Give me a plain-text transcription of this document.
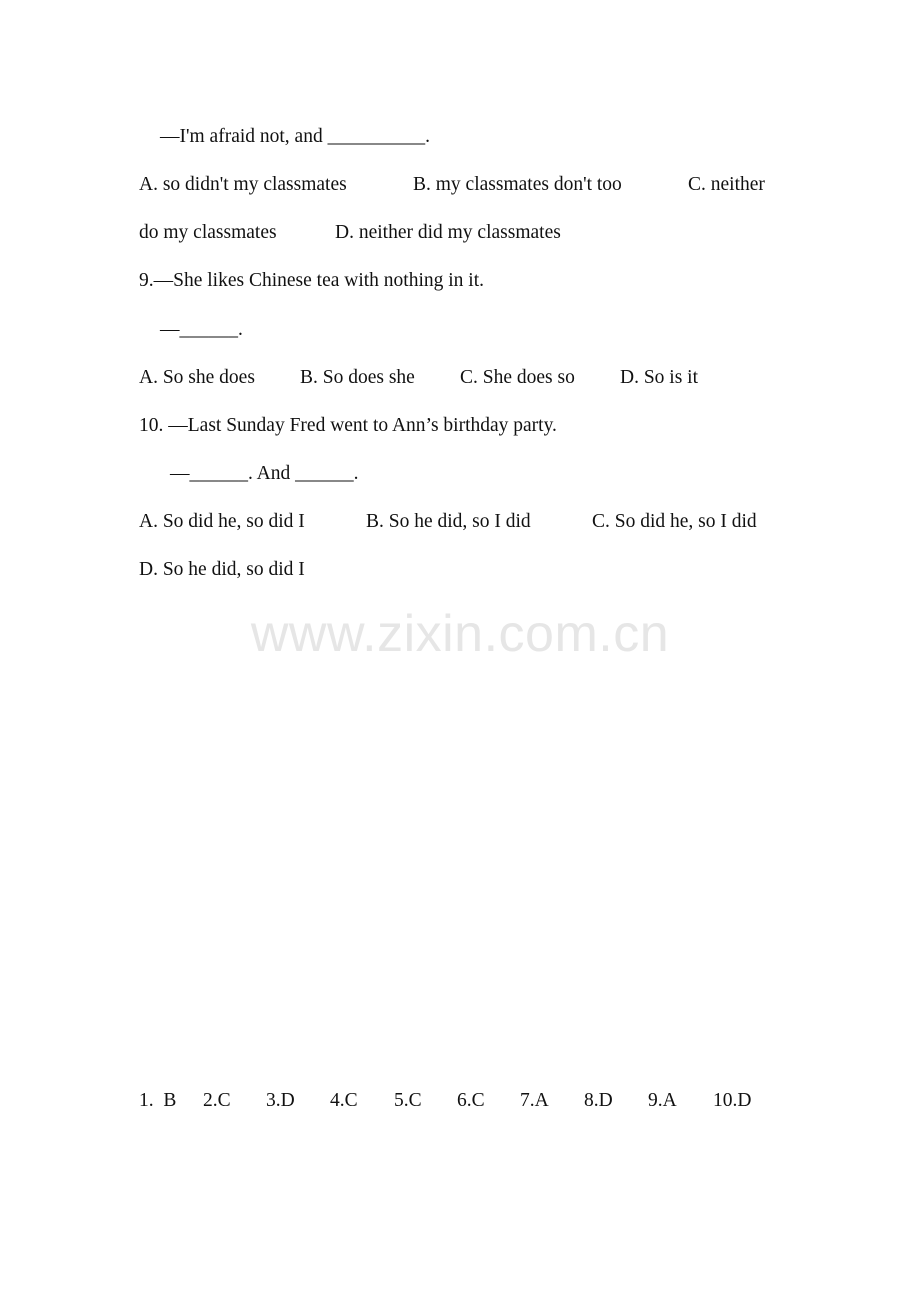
—I'm afraid not, and __________.
A. so didn't my classmates	B. my classmates don't too	C. neither
do my classmates	D. neither did my classmates
9.—She likes Chinese tea with nothing in it.
—______.
A. So she does B. So does she C. She does so D. So is it
10. —Last Sunday Fred went to Ann’s birthday party.
—______. And ______.
A. So did he, so did I	B. So he did, so I did	C. So did he, so I did
D. So he did, so did I
www.zixin.com.cn
1.  B 2.C 3.D 4.C 5.C 6.C 7.A 8.D 9.A 10.D
